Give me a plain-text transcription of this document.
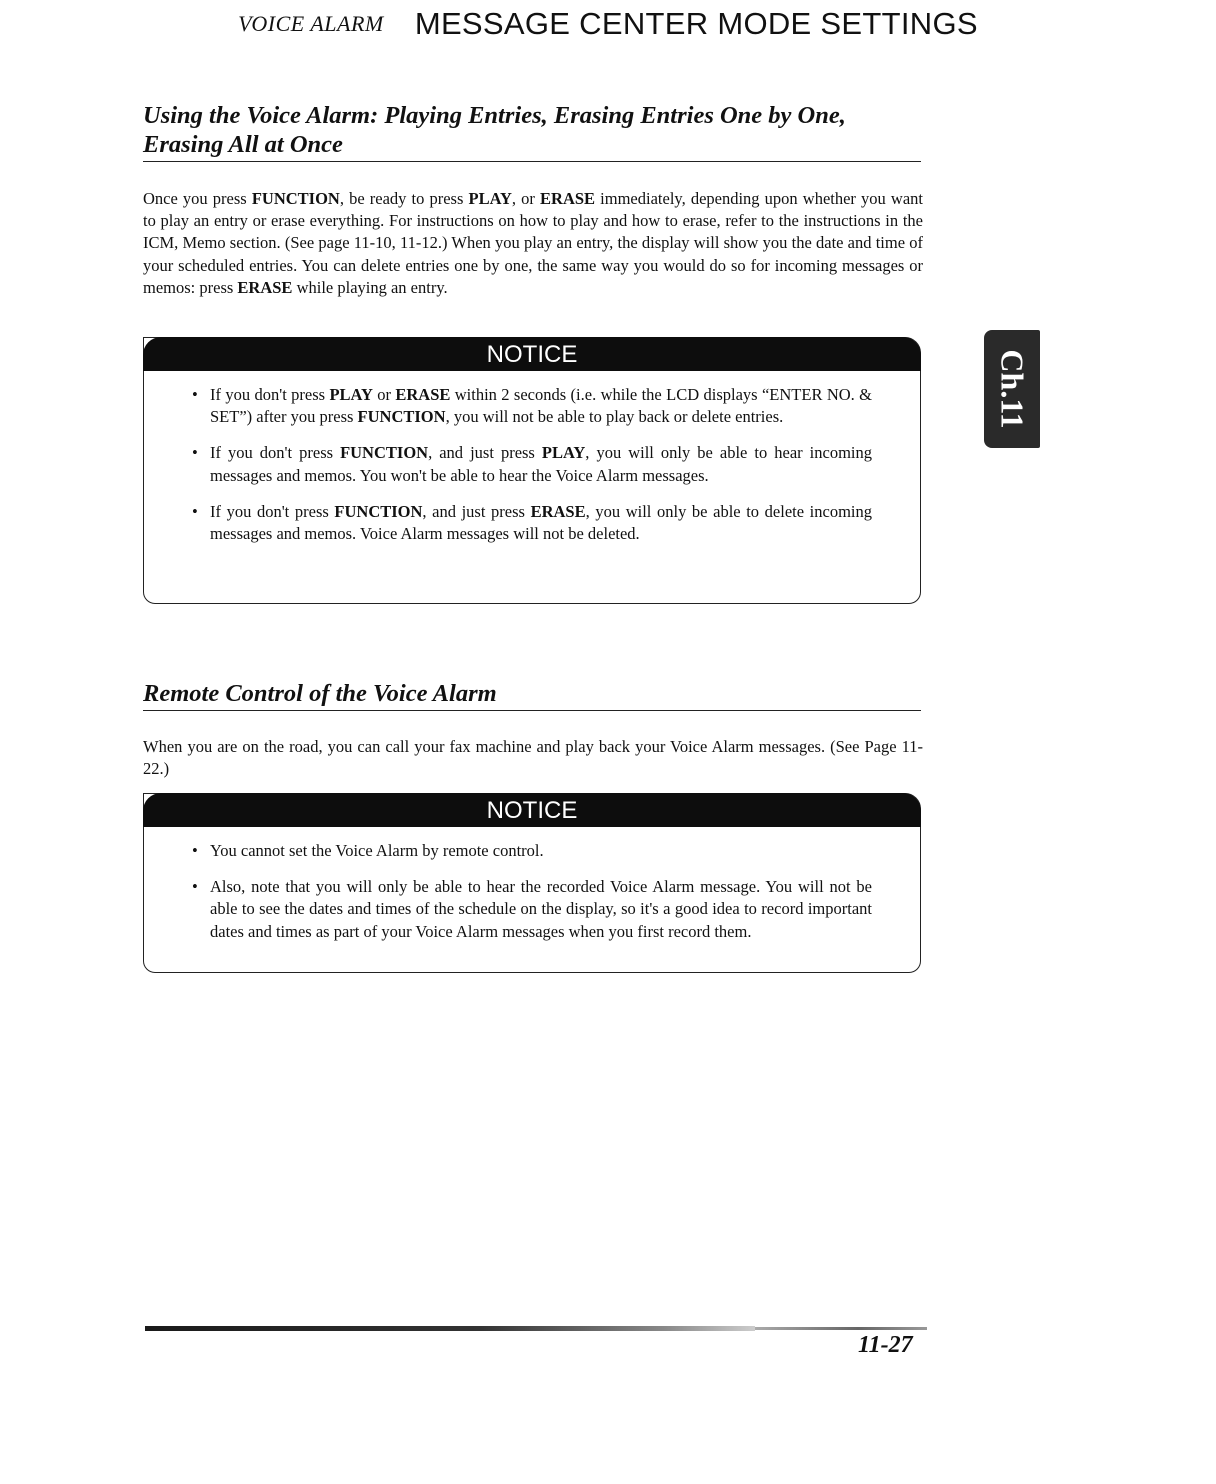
VOICE ALARM MESSAGE CENTER MODE SETTINGS
Using the Voice Alarm: Playing Entries, Erasing Entries One by One, Erasing All at Once

Once you press FUNCTION, be ready to press PLAY, or ERASE immediately, depending upon whether you want to play an entry or erase everything. For instructions on how to play and how to erase, refer to the instructions in the ICM, Memo section. (See page 11-10, 11-12.) When you play an entry, the display will show you the date and time of your scheduled entries. You can delete entries one by one, the same way you would do so for incoming messages or memos: press ERASE while playing an entry.

NOTICE
• If you don't press PLAY or ERASE within 2 seconds (i.e. while the LCD displays “ENTER NO. & SET”) after you press FUNCTION, you will not be able to play back or delete entries.
• If you don't press FUNCTION, and just press PLAY, you will only be able to hear incoming messages and memos. You won't be able to hear the Voice Alarm messages.
• If you don't press FUNCTION, and just press ERASE, you will only be able to delete incoming messages and memos. Voice Alarm messages will not be deleted.
Ch.11
Remote Control of the Voice Alarm

When you are on the road, you can call your fax machine and play back your Voice Alarm messages. (See Page 11-22.)

NOTICE
• You cannot set the Voice Alarm by remote control.
• Also, note that you will only be able to hear the recorded Voice Alarm message. You will not be able to see the dates and times of the schedule on the display, so it's a good idea to record important dates and times as part of your Voice Alarm messages when you first record them.
11-27
